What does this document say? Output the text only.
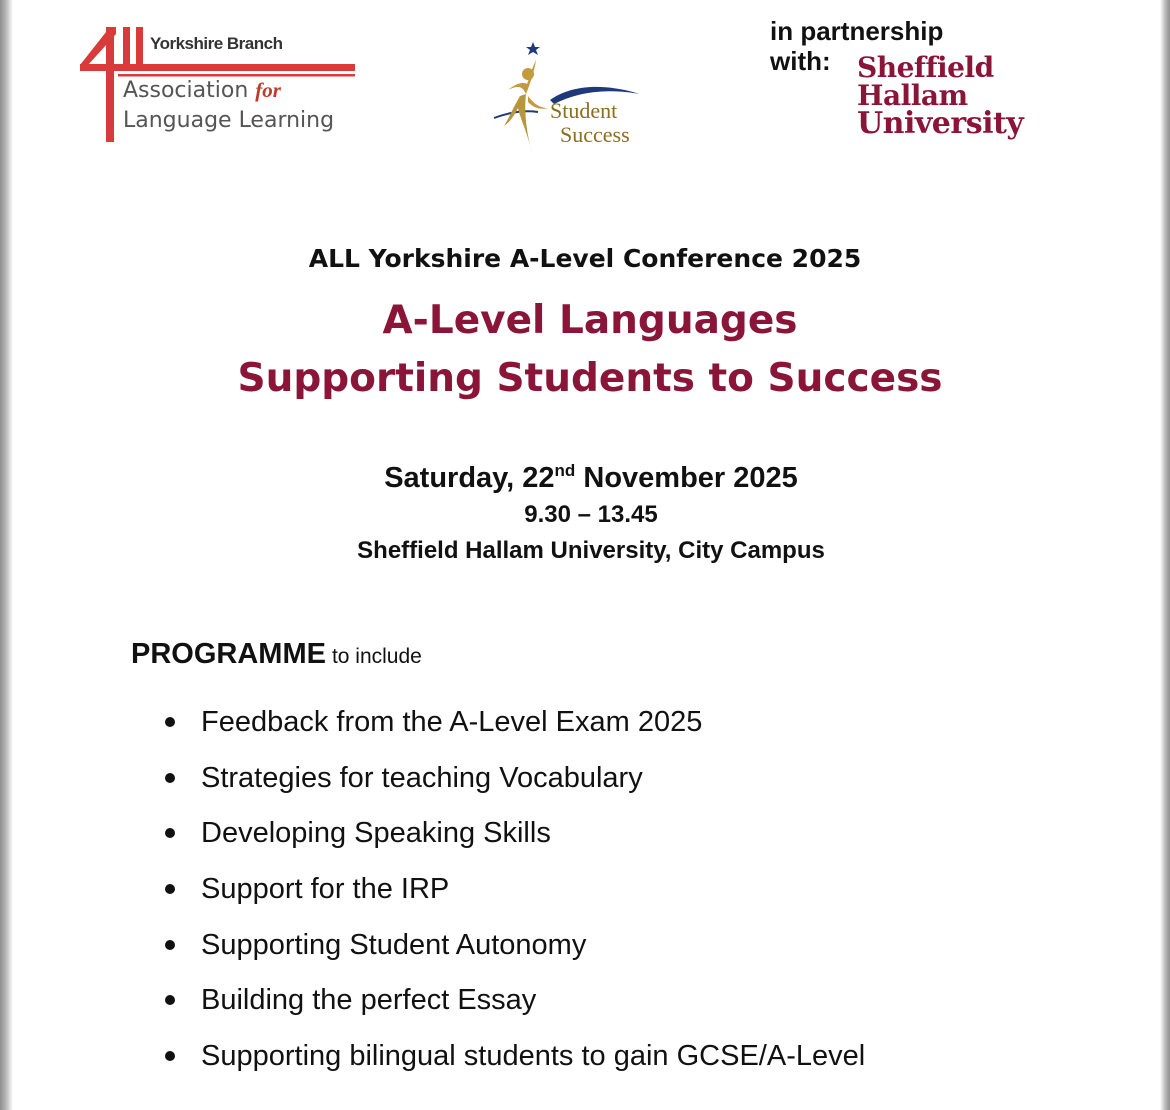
Yorkshire Branch
Association for
Language Learning	Student
Success
in partnership
with: Sheffield
Hallam
University
ALL Yorkshire A-Level Conference 2025
A-Level Languages
Supporting Students to Success
Saturday, 22nd November 2025
9.30 – 13.45
Sheffield Hallam University, City Campus
PROGRAMME to include
Feedback from the A-Level Exam 2025
Strategies for teaching Vocabulary
Developing Speaking Skills
Support for the IRP
Supporting Student Autonomy
Building the perfect Essay
Supporting bilingual students to gain GCSE/A-Level
